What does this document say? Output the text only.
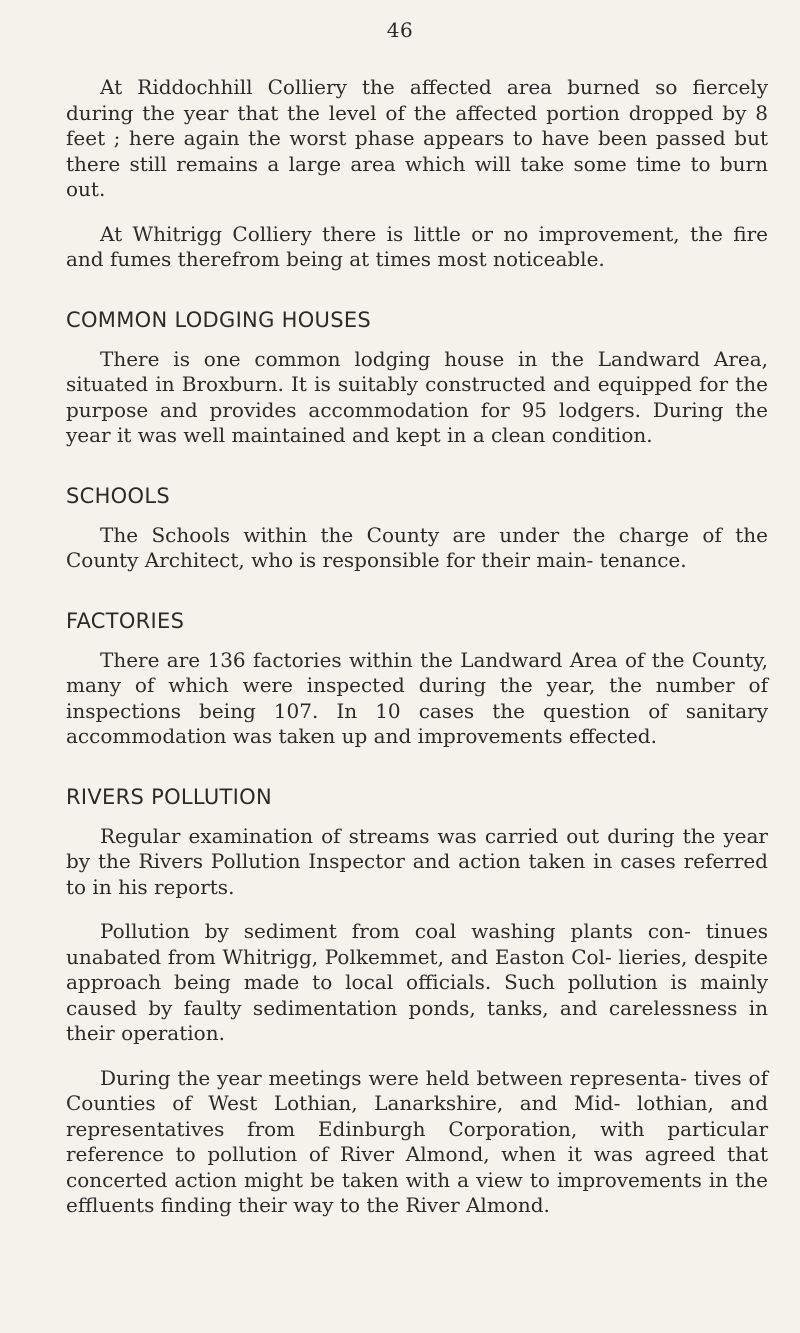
46

At Riddochhill Colliery the affected area burned so fiercely during the year that the level of the affected portion dropped by 8 feet ; here again the worst phase appears to have been passed but there still remains a large area which will take some time to burn out.

At Whitrigg Colliery there is little or no improvement, the fire and fumes therefrom being at times most noticeable.

COMMON LODGING HOUSES

There is one common lodging house in the Landward Area, situated in Broxburn. It is suitably constructed and equipped for the purpose and provides accommodation for 95 lodgers. During the year it was well maintained and kept in a clean condition.

SCHOOLS

The Schools within the County are under the charge of the County Architect, who is responsible for their main- tenance.

FACTORIES

There are 136 factories within the Landward Area of the County, many of which were inspected during the year, the number of inspections being 107. In 10 cases the question of sanitary accommodation was taken up and improvements effected.

RIVERS POLLUTION

Regular examination of streams was carried out during the year by the Rivers Pollution Inspector and action taken in cases referred to in his reports.

Pollution by sediment from coal washing plants con- tinues unabated from Whitrigg, Polkemmet, and Easton Col- lieries, despite approach being made to local officials. Such pollution is mainly caused by faulty sedimentation ponds, tanks, and carelessness in their operation.

During the year meetings were held between representa- tives of Counties of West Lothian, Lanarkshire, and Mid- lothian, and representatives from Edinburgh Corporation, with particular reference to pollution of River Almond, when it was agreed that concerted action might be taken with a view to improvements in the effluents finding their way to the River Almond.
